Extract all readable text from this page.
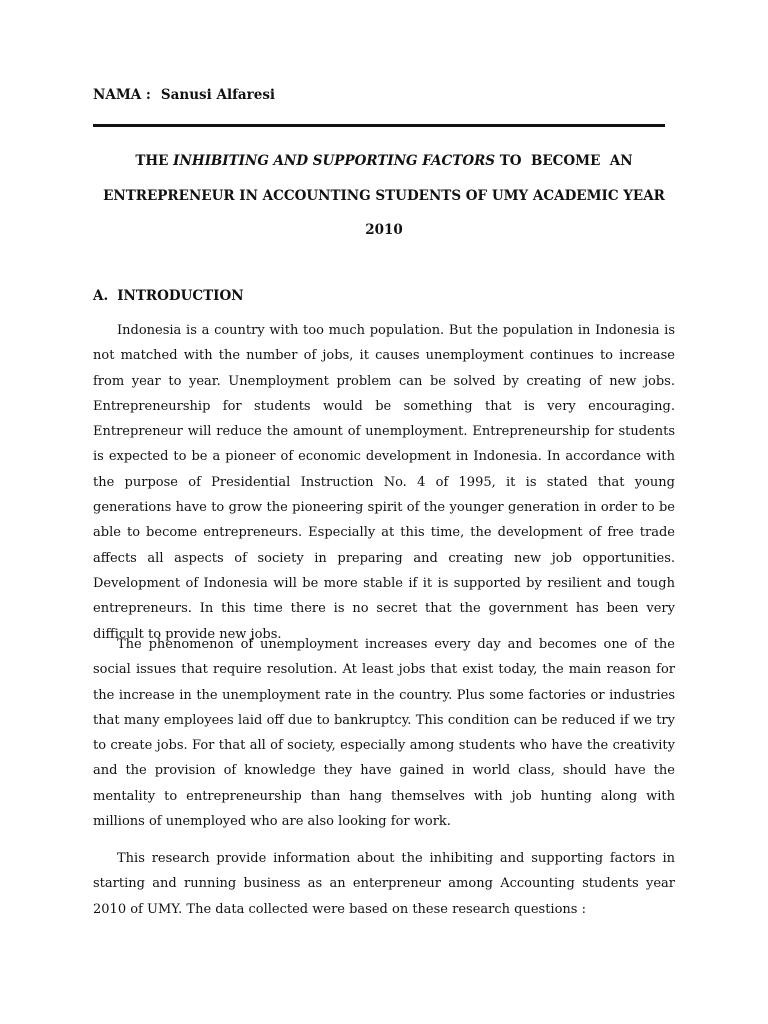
NAMA : Sanusi Alfaresi
THE INHIBITING AND SUPPORTING FACTORS TO  BECOME  AN
ENTREPRENEUR IN ACCOUNTING STUDENTS OF UMY ACADEMIC YEAR
2010
A. INTRODUCTION

Indonesia is a country with too much population. But the population in Indonesia is not matched with the number of jobs, it causes unemployment continues to increase from year to year. Unemployment problem can be solved by creating of new jobs. Entrepreneurship for students would be something that is very encouraging. Entrepreneur will reduce the amount of unemployment. Entrepreneurship for students is expected to be a pioneer of economic development in Indonesia. In accordance with the purpose of Presidential Instruction No. 4 of 1995, it is stated that young generations have to grow the pioneering spirit of the younger generation in order to be able to become entrepreneurs. Especially at this time, the development of free trade affects all aspects of society in preparing and creating new job opportunities. Development of Indonesia will be more stable if it is supported by resilient and tough entrepreneurs. In this time there is no secret that the government has been very difficult to provide new jobs.

The phenomenon of unemployment increases every day and becomes one of the social issues that require resolution. At least jobs that exist today, the main reason for the increase in the unemployment rate in the country. Plus some factories or industries that many employees laid off due to bankruptcy. This condition can be reduced if we try to create jobs. For that all of society, especially among students who have the creativity and the provision of knowledge they have gained in world class, should have the mentality to entrepreneurship than hang themselves with job hunting along with millions of unemployed who are also looking for work.

This research provide information about the inhibiting and supporting factors in starting and running business as an enterpreneur among Accounting students year 2010 of UMY. The data collected were based on these research questions :
